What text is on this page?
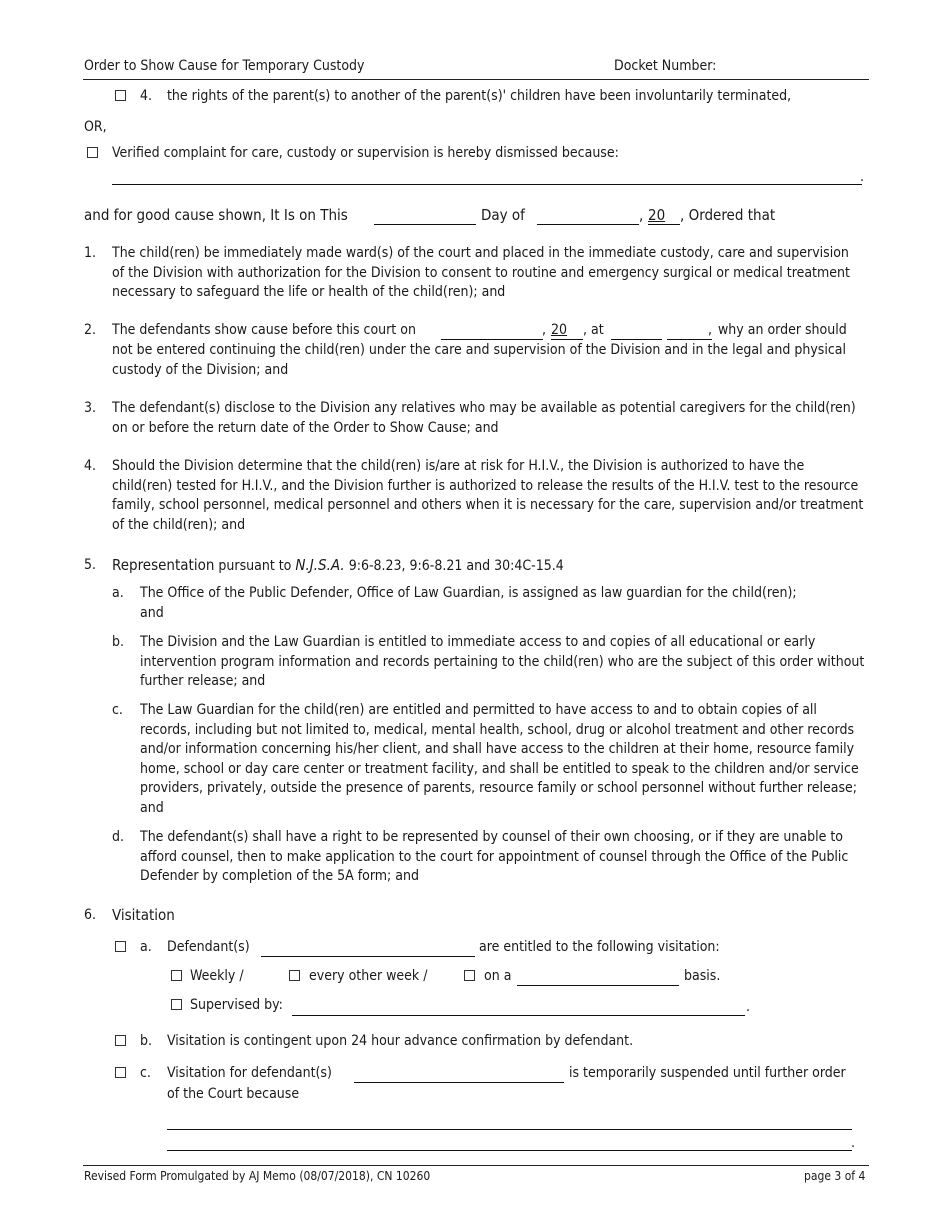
Order to Show Cause for Temporary Custody	Docket Number:
4. the rights of the parent(s) to another of the parent(s)' children have been involuntarily terminated,
OR,
Verified complaint for care, custody or supervision is hereby dismissed because:
.
and for good cause shown, It Is on This	Day of	, 20 , Ordered that
1. The child(ren) be immediately made ward(s) of the court and placed in the immediate custody, care and supervision of the Division with authorization for the Division to consent to routine and emergency surgical or medical treatment necessary to safeguard the life or health of the child(ren); and
2. The defendants show cause before this court on	, 20 , at	, why an order should
not be entered continuing the child(ren) under the care and supervision of the Division and in the legal and physical custody of the Division; and
3. The defendant(s) disclose to the Division any relatives who may be available as potential caregivers for the child(ren) on or before the return date of the Order to Show Cause; and
4. Should the Division determine that the child(ren) is/are at risk for H.I.V., the Division is authorized to have the child(ren) tested for H.I.V., and the Division further is authorized to release the results of the H.I.V. test to the resource family, school personnel, medical personnel and others when it is necessary for the care, supervision and/or treatment of the child(ren); and
5. Representation pursuant to N.J.S.A. 9:6-8.23, 9:6-8.21 and 30:4C-15.4
a. The Office of the Public Defender, Office of Law Guardian, is assigned as law guardian for the child(ren); and
b. The Division and the Law Guardian is entitled to immediate access to and copies of all educational or early intervention program information and records pertaining to the child(ren) who are the subject of this order without further release; and
c. The Law Guardian for the child(ren) are entitled and permitted to have access to and to obtain copies of all records, including but not limited to, medical, mental health, school, drug or alcohol treatment and other records and/or information concerning his/her client, and shall have access to the children at their home, resource family home, school or day care center or treatment facility, and shall be entitled to speak to the children and/or service providers, privately, outside the presence of parents, resource family or school personnel without further release; and
d. The defendant(s) shall have a right to be represented by counsel of their own choosing, or if they are unable to afford counsel, then to make application to the court for appointment of counsel through the Office of the Public Defender by completion of the 5A form; and
6. Visitation
a. Defendant(s)	are entitled to the following visitation:
Weekly /	every other week /	on a	basis.
Supervised by:	.
b. Visitation is contingent upon 24 hour advance confirmation by defendant.
c. Visitation for defendant(s)	is temporarily suspended until further order
of the Court because
.
Revised Form Promulgated by AJ Memo (08/07/2018), CN 10260	page 3 of 4
